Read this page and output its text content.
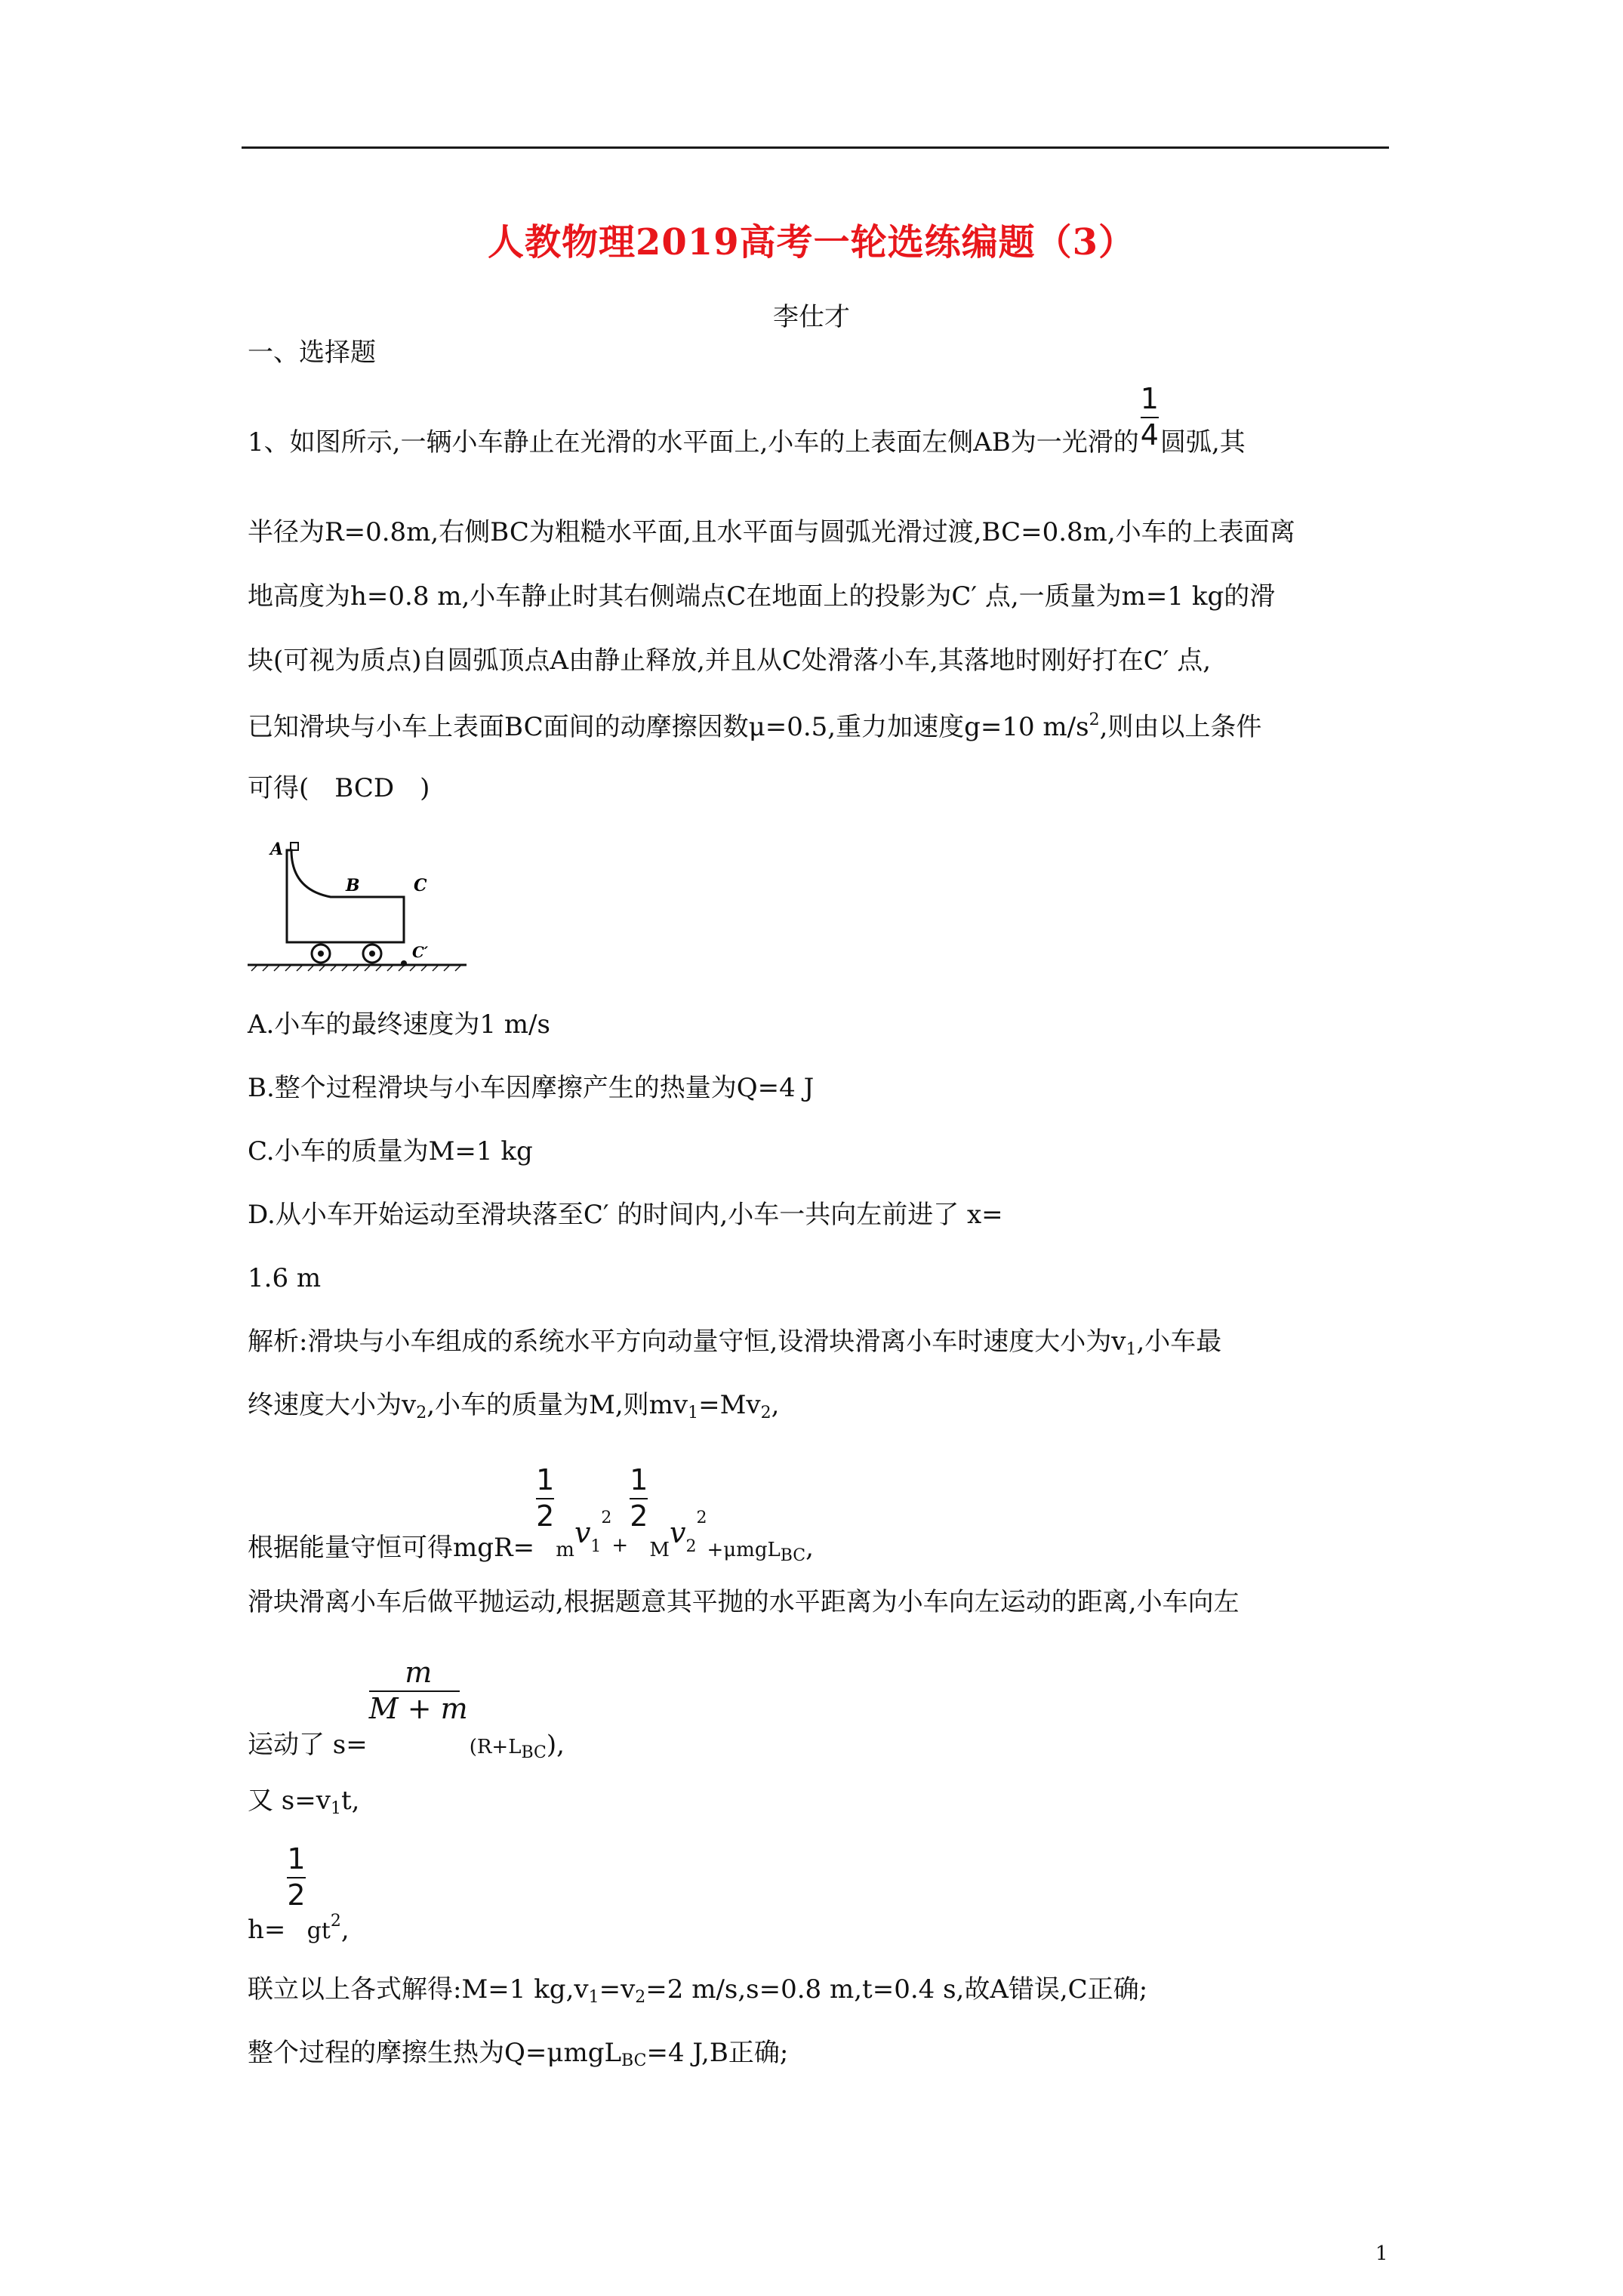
人教物理2019高考一轮选练编题（3）
李仕才
一、选择题
1、如图所示,一辆小车静止在光滑的水平面上,小车的上表面左侧AB为一光滑的 $\frac{1}{4}$ 圆弧,其
半径为R=0.8m,右侧BC为粗糙水平面,且水平面与圆弧光滑过渡,BC=0.8m,小车的上表面离
地高度为h=0.8 m,小车静止时其右侧端点C在地面上的投影为C′ 点,一质量为m=1 kg的滑
块(可视为质点)自圆弧顶点A由静止释放,并且从C处滑落小车,其落地时刚好打在C′ 点,
已知滑块与小车上表面BC面间的动摩擦因数μ=0.5,重力加速度g=10 $m/s^2$,则由以上条件
可得(　BCD　)
A
B	C
C′
A.小车的最终速度为1 m/s
B.整个过程滑块与小车因摩擦产生的热量为Q=4 J
C.小车的质量为M=1 kg
D.从小车开始运动至滑块落至C′ 的时间内,小车一共向左前进了 x=
1.6 m
解析:滑块与小车组成的系统水平方向动量守恒,设滑块滑离小车时速度大小为$v_1$,小车最
终速度大小为$v_2$,小车的质量为M,则$mv_1=Mv_2$,
根据能量守恒可得mgR=
$\frac{1}{2}$
$_mv_1^2_+$
$\frac{1}{2}$
$_Mv_2^2_{+\mu mgLBC}$,
滑块滑离小车后做平抛运动,根据题意其平抛的水平距离为小车向左运动的距离,小车向左
运动了 s=
$\frac{m}{M + m}$
$_{(R+LBC}$),
又 $s=v_1t$,
h=
$\frac{1}{2}$
$gt_2$,
联立以上各式解得:M=1 $kg,v_1=v_2=2$ m/s,s=0.8 m,t=0.4 s,故A错误,C正确;
整个过程的摩擦生热为Q=μmgL$_{BC}$=4 J,B正确;
1
